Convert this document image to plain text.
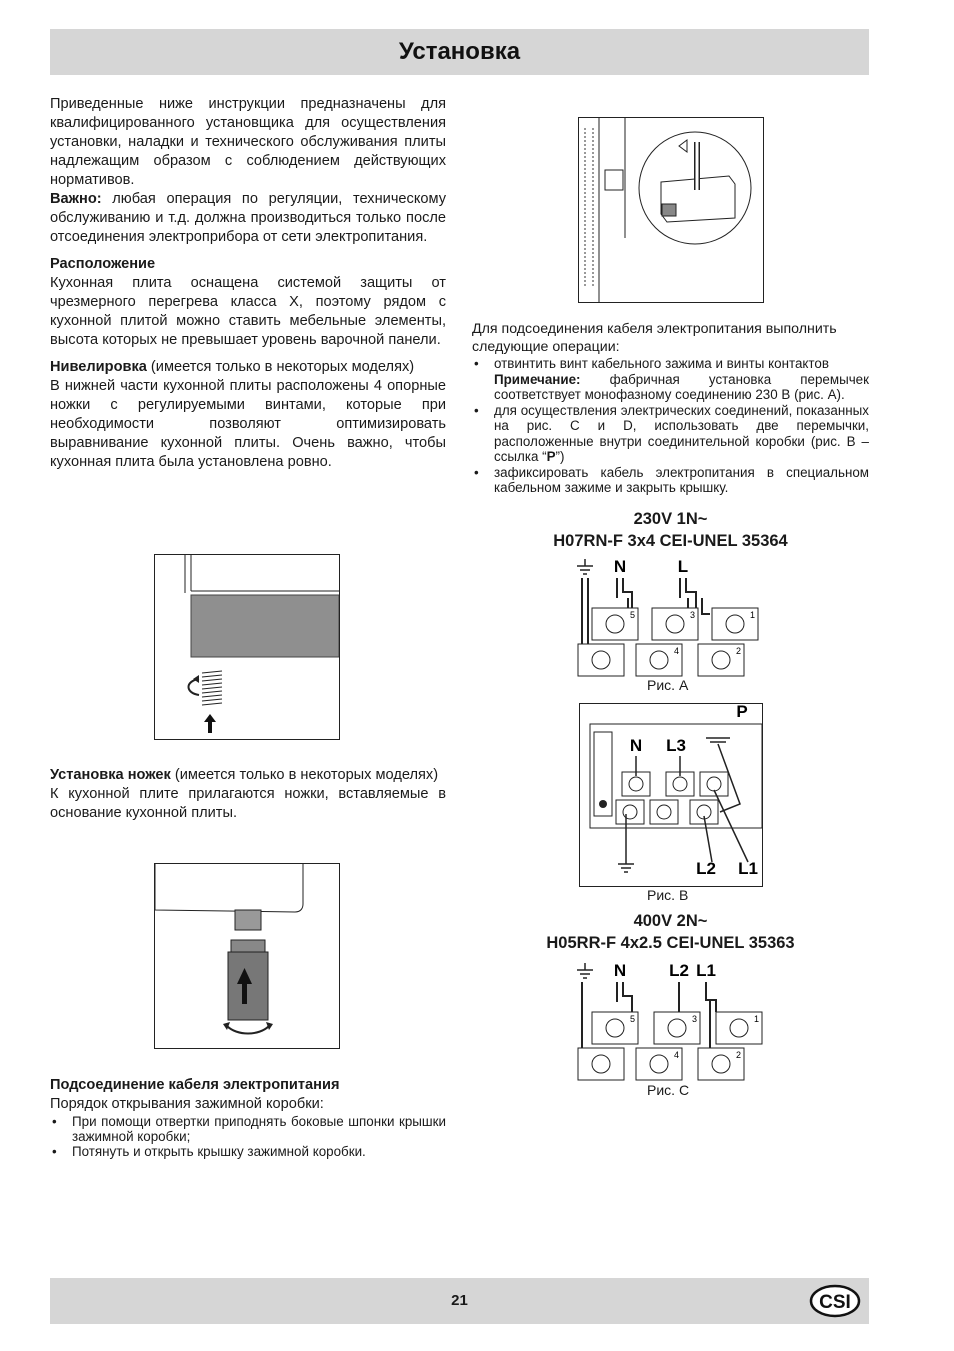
Установка

Приведенные ниже инструкции предназначены для квалифицированного установщика для осуществления установки, наладки и технического обслуживания плиты надлежащим образом с соблюдением действующих нормативов.

Важно: любая операция по регуляции, техническому обслуживанию и т.д. должна производиться только после отсоединения электроприбора от сети электропитания.

Расположение

Кухонная плита оснащена системой защиты от чрезмерного перегрева класса X, поэтому рядом с кухонной плитой можно ставить мебельные элементы, высота которых не превышает уровень варочной панели.

Нивелировка (имеется только в некоторых моделях)

В нижней части кухонной плиты расположены 4 опорные ножки с регулируемыми винтами, которые при необходимости позволяют оптимизировать выравнивание кухонной плиты. Очень важно, чтобы кухонная плита была установлена ровно.

Установка ножек (имеется только в некоторых моделях)

К кухонной плите прилагаются ножки, вставляемые в основание кухонной плиты.

Подсоединение кабеля электропитания

Порядок открывания зажимной коробки:

• При помощи отвертки приподнять боковые шпонки крышки зажимной коробки;
• Потянуть и открыть крышку зажимной коробки.

Для подсоединения кабеля электропитания выполнить следующие операции:

• отвинтить винт кабельного зажима и винты контактов
Примечание: фабричная установка перемычек соответствует монофазному соединению 230 В (рис. А).
• для осуществления электрических соединений, показанных на рис. C и D, использовать две перемычки, расположенные внутри соединительной коробки (рис. В – ссылка “P”)
• зафиксировать кабель электропитания в специальном кабельном зажиме и закрыть крышку.
230V 1N~
H07RN-F 3x4 CEI-UNEL 35364
N	L
5	3	1
4	2
Рис. А
P
N L3
L2 L1
Рис. В
400V 2N~
H05RR-F 4x2.5 CEI-UNEL 35363
N	L2 L1
5	3	1
4	2
Рис. С
21	CSI
